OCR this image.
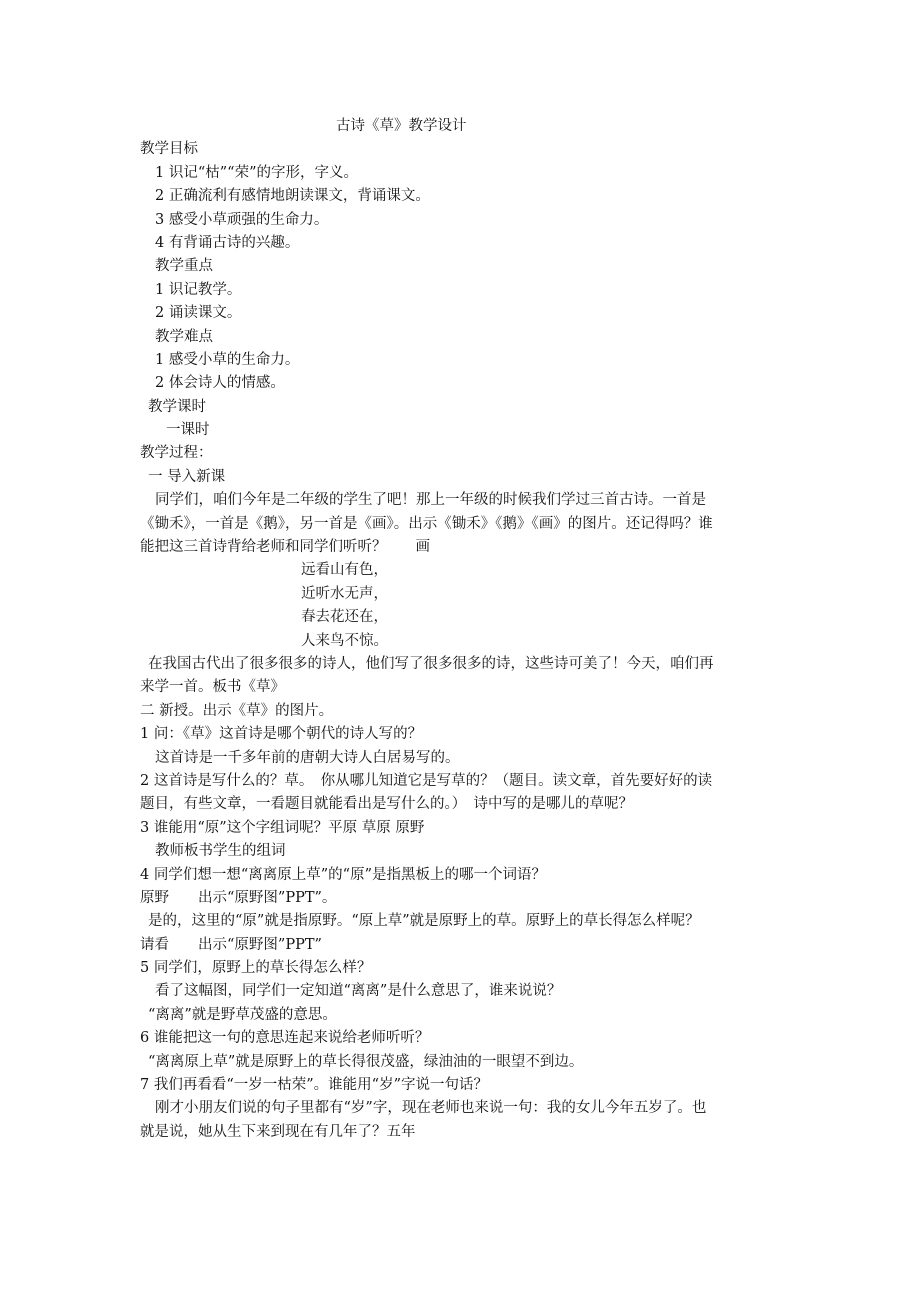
古诗《草》教学设计
教学目标
1 识记“枯”“荣”的字形，字义。
2 正确流利有感情地朗读课文，背诵课文。
3 感受小草顽强的生命力。
4 有背诵古诗的兴趣。
教学重点
1 识记教学。
2 诵读课文。
教学难点
1 感受小草的生命力。
2 体会诗人的情感。
教学课时
一课时
教学过程：
一 导入新课
同学们，咱们今年是二年级的学生了吧！那上一年级的时候我们学过三首古诗。一首是
《锄禾》，一首是《鹅》，另一首是《画》。出示《锄禾》《鹅》《画》的图片。还记得吗？谁
能把这三首诗背给老师和同学们听听？　　画
远看山有色，
近听水无声，
春去花还在，
人来鸟不惊。
在我国古代出了很多很多的诗人，他们写了很多很多的诗，这些诗可美了！今天，咱们再
来学一首。板书《草》
二 新授。出示《草》的图片。
1 问：《草》这首诗是哪个朝代的诗人写的？
这首诗是一千多年前的唐朝大诗人白居易写的。
2 这首诗是写什么的？草。　你从哪儿知道它是写草的？（题目。读文章，首先要好好的读
题目，有些文章，一看题目就能看出是写什么的。）　诗中写的是哪儿的草呢？
3 谁能用“原”这个字组词呢？平原 草原 原野
教师板书学生的组词
4 同学们想一想“离离原上草”的“原”是指黑板上的哪一个词语？
原野　　出示“原野图”PPT”。
是的，这里的“原”就是指原野。“原上草”就是原野上的草。原野上的草长得怎么样呢？
请看　　出示“原野图”PPT”
5 同学们，原野上的草长得怎么样？
看了这幅图，同学们一定知道“离离”是什么意思了，谁来说说？
“离离”就是野草茂盛的意思。
6 谁能把这一句的意思连起来说给老师听听？
“离离原上草”就是原野上的草长得很茂盛，绿油油的一眼望不到边。
7 我们再看看“一岁一枯荣”。谁能用“岁”字说一句话？
刚才小朋友们说的句子里都有“岁”字，现在老师也来说一句：我的女儿今年五岁了。也
就是说，她从生下来到现在有几年了？五年
